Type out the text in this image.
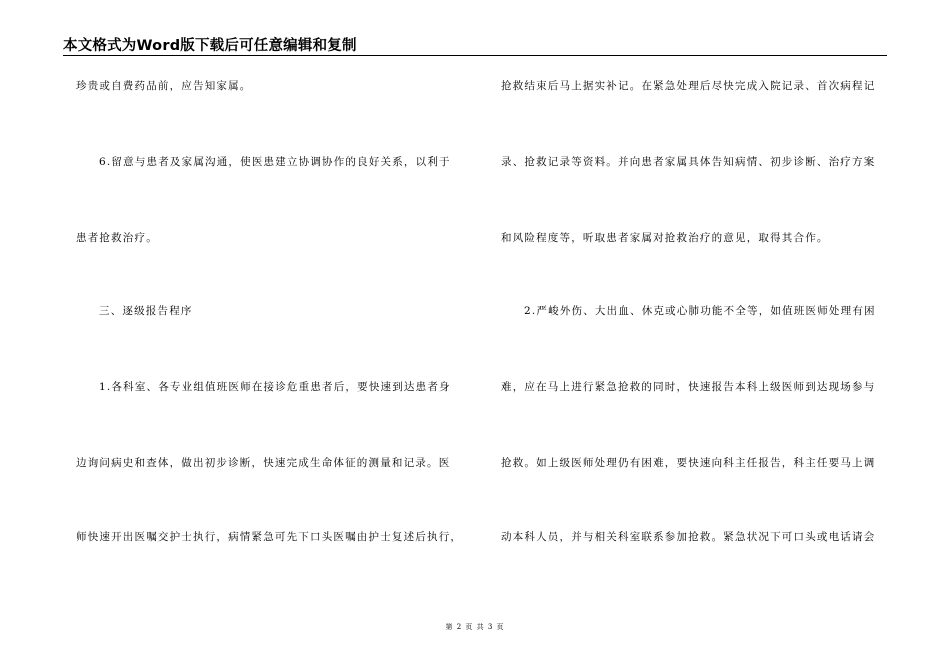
本文格式为Word版下载后可任意编辑和复制
珍贵或自费药品前，应告知家属。
6.留意与患者及家属沟通，使医患建立协调协作的良好关系，以利于
患者抢救治疗。
三、逐级报告程序
1.各科室、各专业组值班医师在接诊危重患者后，要快速到达患者身
边询问病史和查体，做出初步诊断，快速完成生命体征的测量和记录。医
师快速开出医嘱交护士执行，病情紧急可先下口头医嘱由护士复述后执行，
抢救结束后马上据实补记。在紧急处理后尽快完成入院记录、首次病程记
录、抢救记录等资料。并向患者家属具体告知病情、初步诊断、治疗方案
和风险程度等，听取患者家属对抢救治疗的意见，取得其合作。
2.严峻外伤、大出血、休克或心肺功能不全等，如值班医师处理有困
难，应在马上进行紧急抢救的同时，快速报告本科上级医师到达现场参与
抢救。如上级医师处理仍有困难，要快速向科主任报告，科主任要马上调
动本科人员，并与相关科室联系参加抢救。紧急状况下可口头或电话请会
第 2 页 共 3 页
